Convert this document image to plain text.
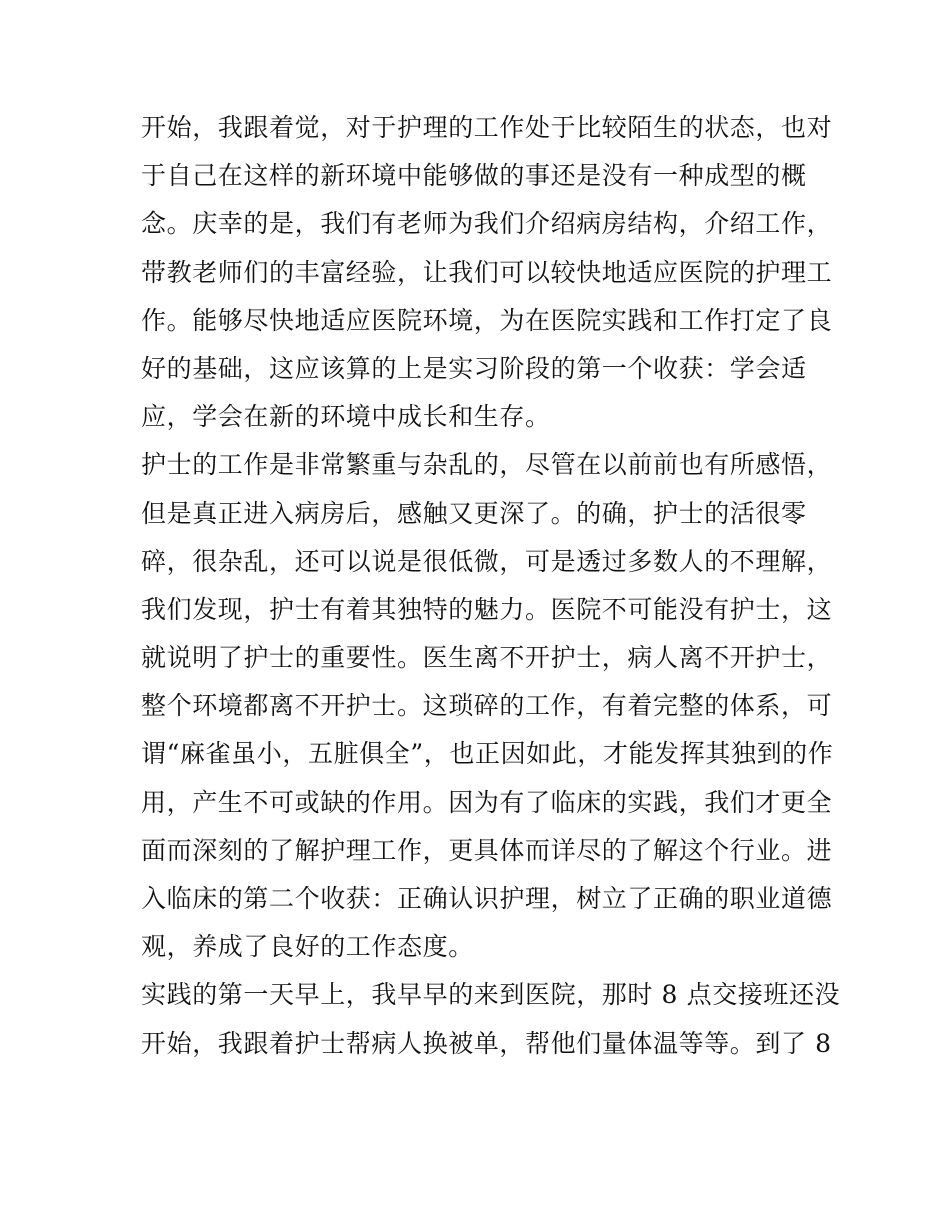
开始，我跟着觉，对于护理的工作处于比较陌生的状态，也对
于自己在这样的新环境中能够做的事还是没有一种成型的概
念。庆幸的是，我们有老师为我们介绍病房结构，介绍工作，
带教老师们的丰富经验，让我们可以较快地适应医院的护理工
作。能够尽快地适应医院环境，为在医院实践和工作打定了良
好的基础，这应该算的上是实习阶段的第一个收获：学会适
应，学会在新的环境中成长和生存。
护士的工作是非常繁重与杂乱的，尽管在以前前也有所感悟，
但是真正进入病房后，感触又更深了。的确，护士的活很零
碎，很杂乱，还可以说是很低微，可是透过多数人的不理解，
我们发现，护士有着其独特的魅力。医院不可能没有护士，这
就说明了护士的重要性。医生离不开护士，病人离不开护士，
整个环境都离不开护士。这琐碎的工作，有着完整的体系，可
谓“麻雀虽小，五脏俱全”，也正因如此，才能发挥其独到的作
用，产生不可或缺的作用。因为有了临床的实践，我们才更全
面而深刻的了解护理工作，更具体而详尽的了解这个行业。进
入临床的第二个收获：正确认识护理，树立了正确的职业道德
观，养成了良好的工作态度。
实践的第一天早上，我早早的来到医院，那时 8 点交接班还没
开始，我跟着护士帮病人换被单，帮他们量体温等等。到了 8
